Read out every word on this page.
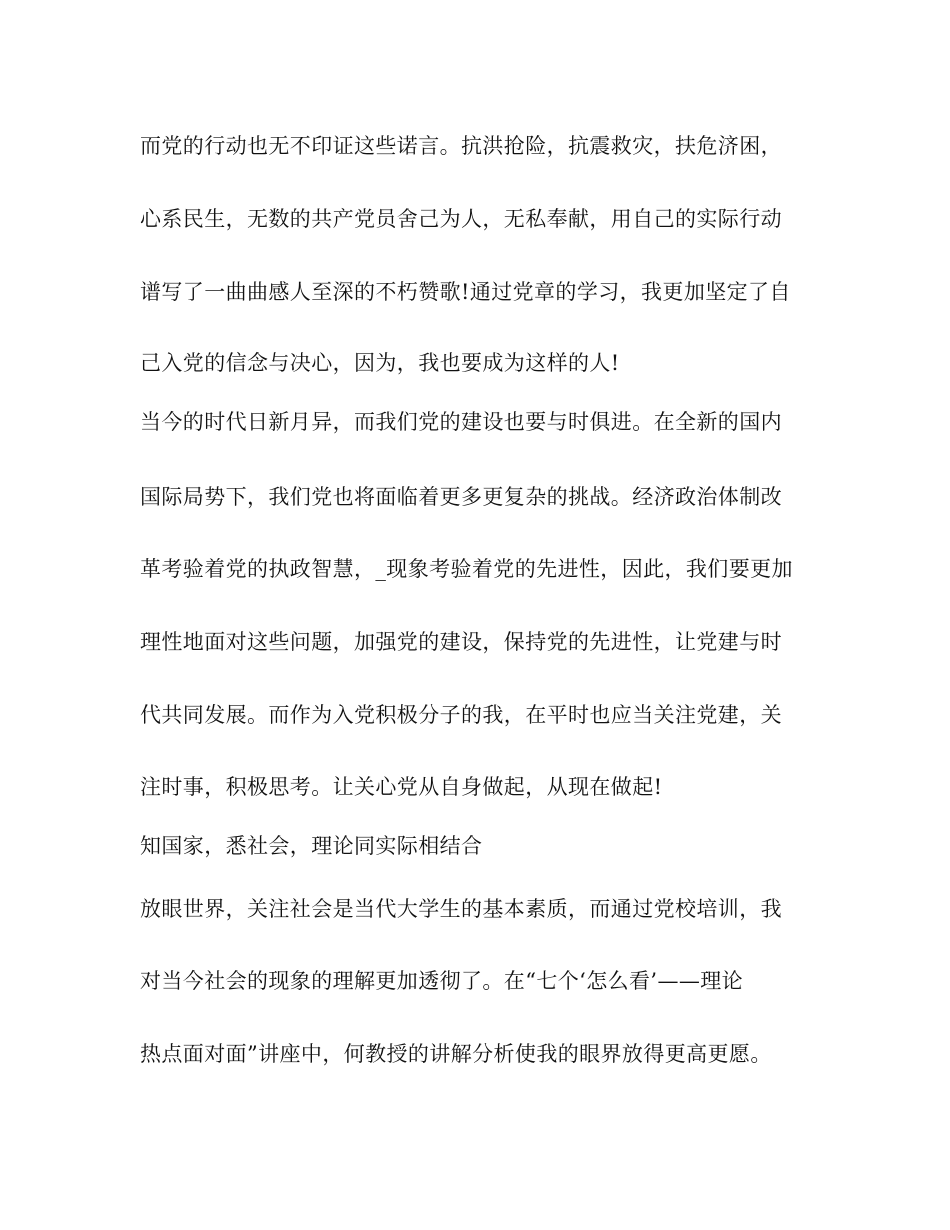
而党的行动也无不印证这些诺言。抗洪抢险，抗震救灾，扶危济困，
心系民生，无数的共产党员舍己为人，无私奉献，用自己的实际行动
谱写了一曲曲感人至深的不朽赞歌!通过党章的学习，我更加坚定了自
己入党的信念与决心，因为，我也要成为这样的人!
当今的时代日新月异，而我们党的建设也要与时俱进。在全新的国内
国际局势下，我们党也将面临着更多更复杂的挑战。经济政治体制改
革考验着党的执政智慧，_现象考验着党的先进性，因此，我们要更加
理性地面对这些问题，加强党的建设，保持党的先进性，让党建与时
代共同发展。而作为入党积极分子的我，在平时也应当关注党建，关
注时事，积极思考。让关心党从自身做起，从现在做起!
知国家，悉社会，理论同实际相结合
放眼世界，关注社会是当代大学生的基本素质，而通过党校培训，我
对当今社会的现象的理解更加透彻了。在“七个‘怎么看’——理论
热点面对面”讲座中，何教授的讲解分析使我的眼界放得更高更愿。
